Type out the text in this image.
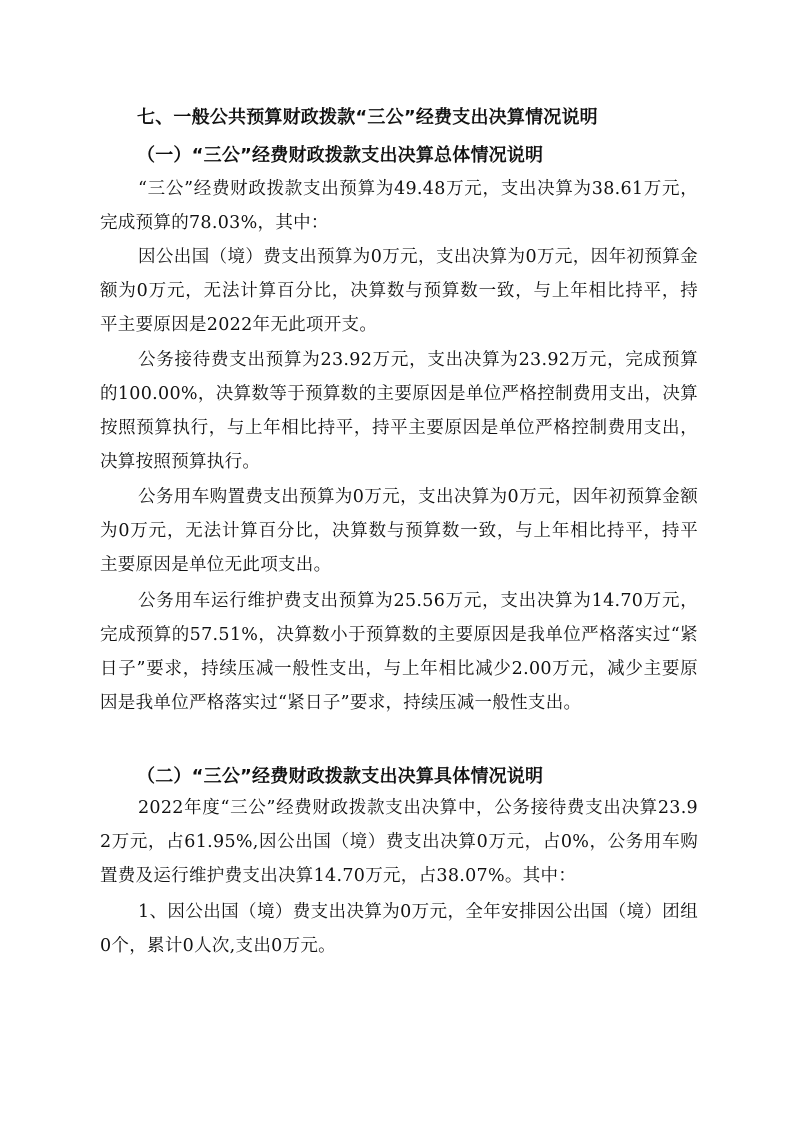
七、一般公共预算财政拨款“三公”经费支出决算情况说明
（一）“三公”经费财政拨款支出决算总体情况说明
“三公”经费财政拨款支出预算为49.48万元，支出决算为38.61万元，完成预算的78.03%，其中：
因公出国（境）费支出预算为0万元，支出决算为0万元，因年初预算金额为0万元，无法计算百分比，决算数与预算数一致，与上年相比持平，持平主要原因是2022年无此项开支。
公务接待费支出预算为23.92万元，支出决算为23.92万元，完成预算的100.00%，决算数等于预算数的主要原因是单位严格控制费用支出，决算按照预算执行，与上年相比持平，持平主要原因是单位严格控制费用支出，决算按照预算执行。
公务用车购置费支出预算为0万元，支出决算为0万元，因年初预算金额为0万元，无法计算百分比，决算数与预算数一致，与上年相比持平，持平主要原因是单位无此项支出。
公务用车运行维护费支出预算为25.56万元，支出决算为14.70万元，完成预算的57.51%，决算数小于预算数的主要原因是我单位严格落实过“紧日子”要求，持续压减一般性支出，与上年相比减少2.00万元，减少主要原因是我单位严格落实过“紧日子”要求，持续压减一般性支出。
（二）“三公”经费财政拨款支出决算具体情况说明
2022年度“三公”经费财政拨款支出决算中，公务接待费支出决算23.92万元，占61.95%,因公出国（境）费支出决算0万元，占0%，公务用车购置费及运行维护费支出决算14.70万元，占38.07%。其中：
1、因公出国（境）费支出决算为0万元，全年安排因公出国（境）团组0个，累计0人次,支出0万元。
